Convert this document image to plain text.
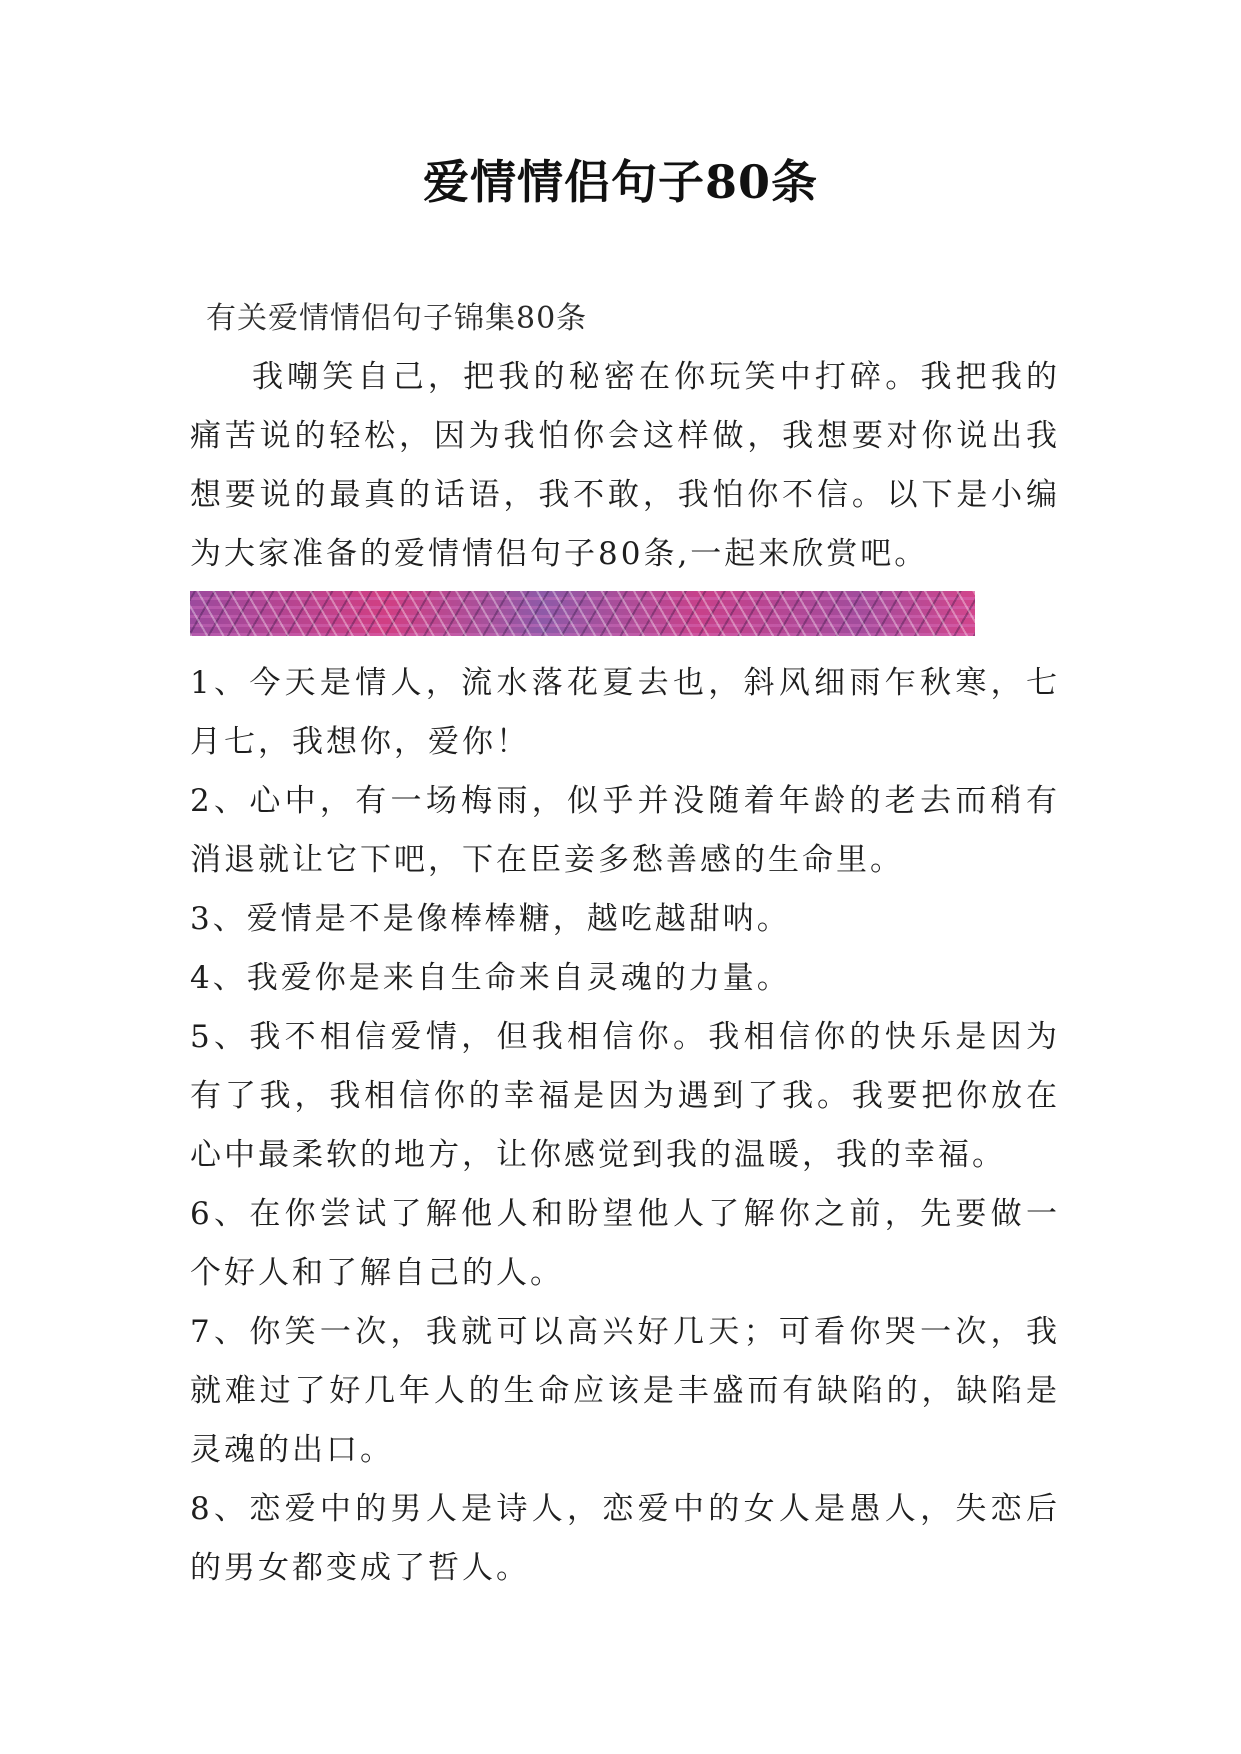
爱情情侣句子80条
有关爱情情侣句子锦集80条
我嘲笑自己，把我的秘密在你玩笑中打碎。我把我的痛苦说的轻松，因为我怕你会这样做，我想要对你说出我想要说的最真的话语，我不敢，我怕你不信。以下是小编为大家准备的爱情情侣句子80条,一起来欣赏吧。

1、今天是情人，流水落花夏去也，斜风细雨乍秋寒，七月七，我想你，爱你！

2、心中，有一场梅雨，似乎并没随着年龄的老去而稍有消退就让它下吧，下在臣妾多愁善感的生命里。

3、爱情是不是像棒棒糖，越吃越甜呐。

4、我爱你是来自生命来自灵魂的力量。

5、我不相信爱情，但我相信你。我相信你的快乐是因为有了我，我相信你的幸福是因为遇到了我。我要把你放在心中最柔软的地方，让你感觉到我的温暖，我的幸福。

6、在你尝试了解他人和盼望他人了解你之前，先要做一个好人和了解自己的人。

7、你笑一次，我就可以高兴好几天；可看你哭一次，我就难过了好几年人的生命应该是丰盛而有缺陷的，缺陷是灵魂的出口。

8、恋爱中的男人是诗人，恋爱中的女人是愚人，失恋后的男女都变成了哲人。
